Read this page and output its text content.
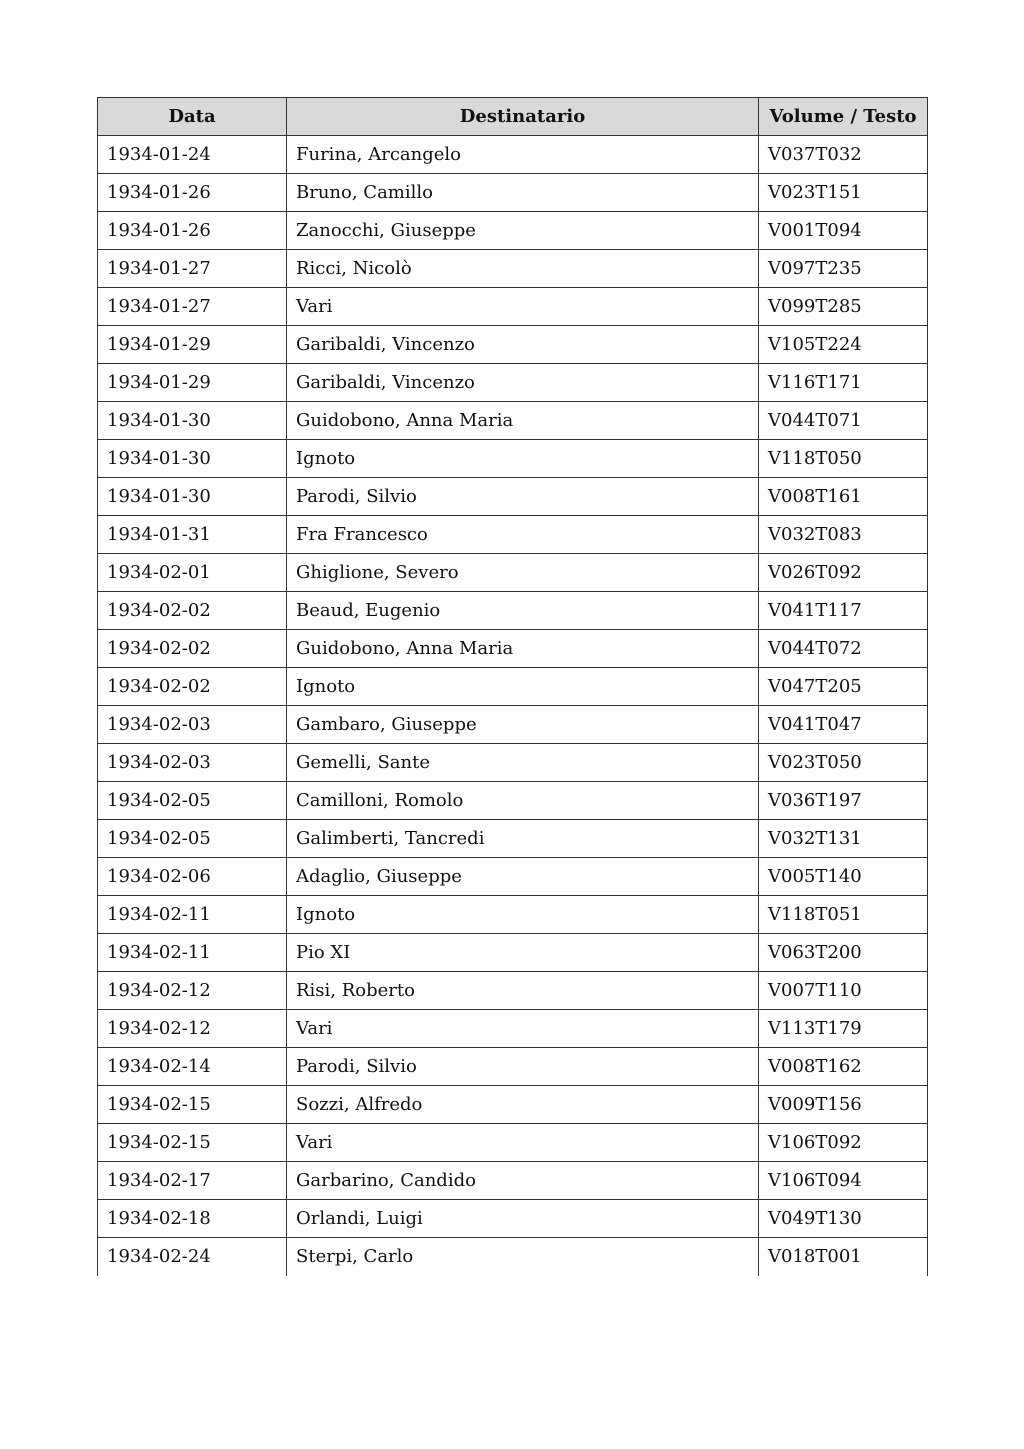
Data	Destinatario	Volume / Testo
1934-01-24	Furina, Arcangelo	V037T032
1934-01-26	Bruno, Camillo	V023T151
1934-01-26	Zanocchi, Giuseppe	V001T094
1934-01-27	Ricci, Nicolò	V097T235
1934-01-27	Vari	V099T285
1934-01-29	Garibaldi, Vincenzo	V105T224
1934-01-29	Garibaldi, Vincenzo	V116T171
1934-01-30	Guidobono, Anna Maria	V044T071
1934-01-30	Ignoto	V118T050
1934-01-30	Parodi, Silvio	V008T161
1934-01-31	Fra Francesco	V032T083
1934-02-01	Ghiglione, Severo	V026T092
1934-02-02	Beaud, Eugenio	V041T117
1934-02-02	Guidobono, Anna Maria	V044T072
1934-02-02	Ignoto	V047T205
1934-02-03	Gambaro, Giuseppe	V041T047
1934-02-03	Gemelli, Sante	V023T050
1934-02-05	Camilloni, Romolo	V036T197
1934-02-05	Galimberti, Tancredi	V032T131
1934-02-06	Adaglio, Giuseppe	V005T140
1934-02-11	Ignoto	V118T051
1934-02-11	Pio XI	V063T200
1934-02-12	Risi, Roberto	V007T110
1934-02-12	Vari	V113T179
1934-02-14	Parodi, Silvio	V008T162
1934-02-15	Sozzi, Alfredo	V009T156
1934-02-15	Vari	V106T092
1934-02-17	Garbarino, Candido	V106T094
1934-02-18	Orlandi, Luigi	V049T130
1934-02-24	Sterpi, Carlo	V018T001
